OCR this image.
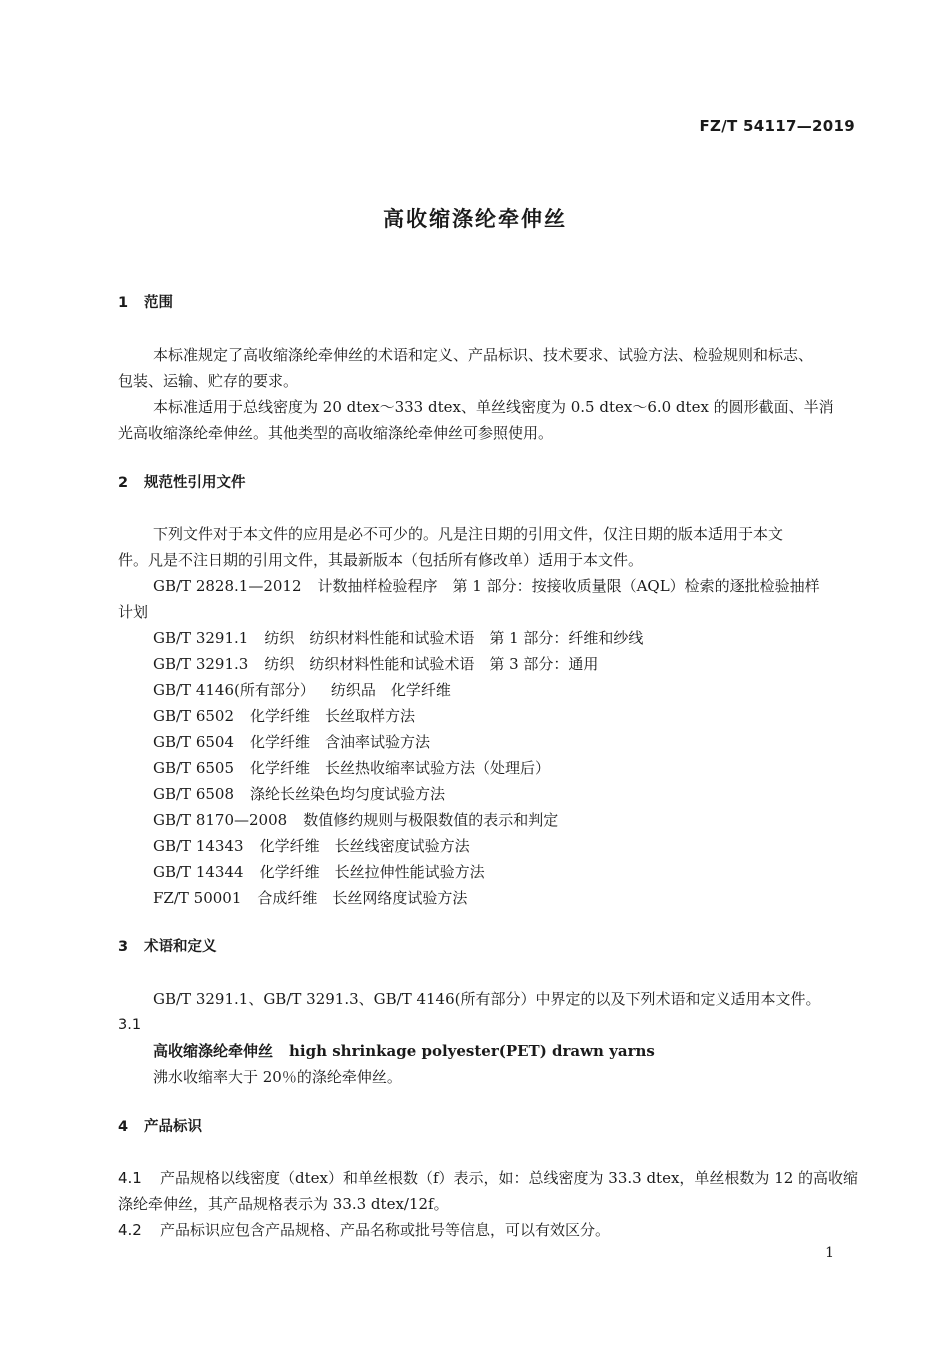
FZ/T 54117—2019
高收缩涤纶牵伸丝
1 范围
本标准规定了高收缩涤纶牵伸丝的术语和定义、产品标识、技术要求、试验方法、检验规则和标志、
包装、运输、贮存的要求。
本标准适用于总线密度为 20 dtex～333 dtex、单丝线密度为 0.5 dtex～6.0 dtex 的圆形截面、半消
光高收缩涤纶牵伸丝。其他类型的高收缩涤纶牵伸丝可参照使用。
2 规范性引用文件
下列文件对于本文件的应用是必不可少的。凡是注日期的引用文件，仅注日期的版本适用于本文
件。凡是不注日期的引用文件，其最新版本（包括所有修改单）适用于本文件。
GB/T 2828.1—2012 计数抽样检验程序　第 1 部分：按接收质量限（AQL）检索的逐批检验抽样
计划
GB/T 3291.1 纺织　纺织材料性能和试验术语　第 1 部分：纤维和纱线
GB/T 3291.3 纺织　纺织材料性能和试验术语　第 3 部分：通用
GB/T 4146(所有部分） 纺织品　化学纤维
GB/T 6502 化学纤维　长丝取样方法
GB/T 6504 化学纤维　含油率试验方法
GB/T 6505 化学纤维　长丝热收缩率试验方法（处理后）
GB/T 6508 涤纶长丝染色均匀度试验方法
GB/T 8170—2008 数值修约规则与极限数值的表示和判定
GB/T 14343 化学纤维　长丝线密度试验方法
GB/T 14344 化学纤维　长丝拉伸性能试验方法
FZ/T 50001 合成纤维　长丝网络度试验方法
3 术语和定义
GB/T 3291.1、GB/T 3291.3、GB/T 4146(所有部分）中界定的以及下列术语和定义适用本文件。
3.1
高收缩涤纶牵伸丝 high shrinkage polyester(PET) drawn yarns
沸水收缩率大于 20％的涤纶牵伸丝。
4 产品标识
4.1 产品规格以线密度（dtex）和单丝根数（f）表示，如：总线密度为 33.3 dtex，单丝根数为 12 的高收缩
涤纶牵伸丝，其产品规格表示为 33.3 dtex/12f。
4.2 产品标识应包含产品规格、产品名称或批号等信息，可以有效区分。
1
